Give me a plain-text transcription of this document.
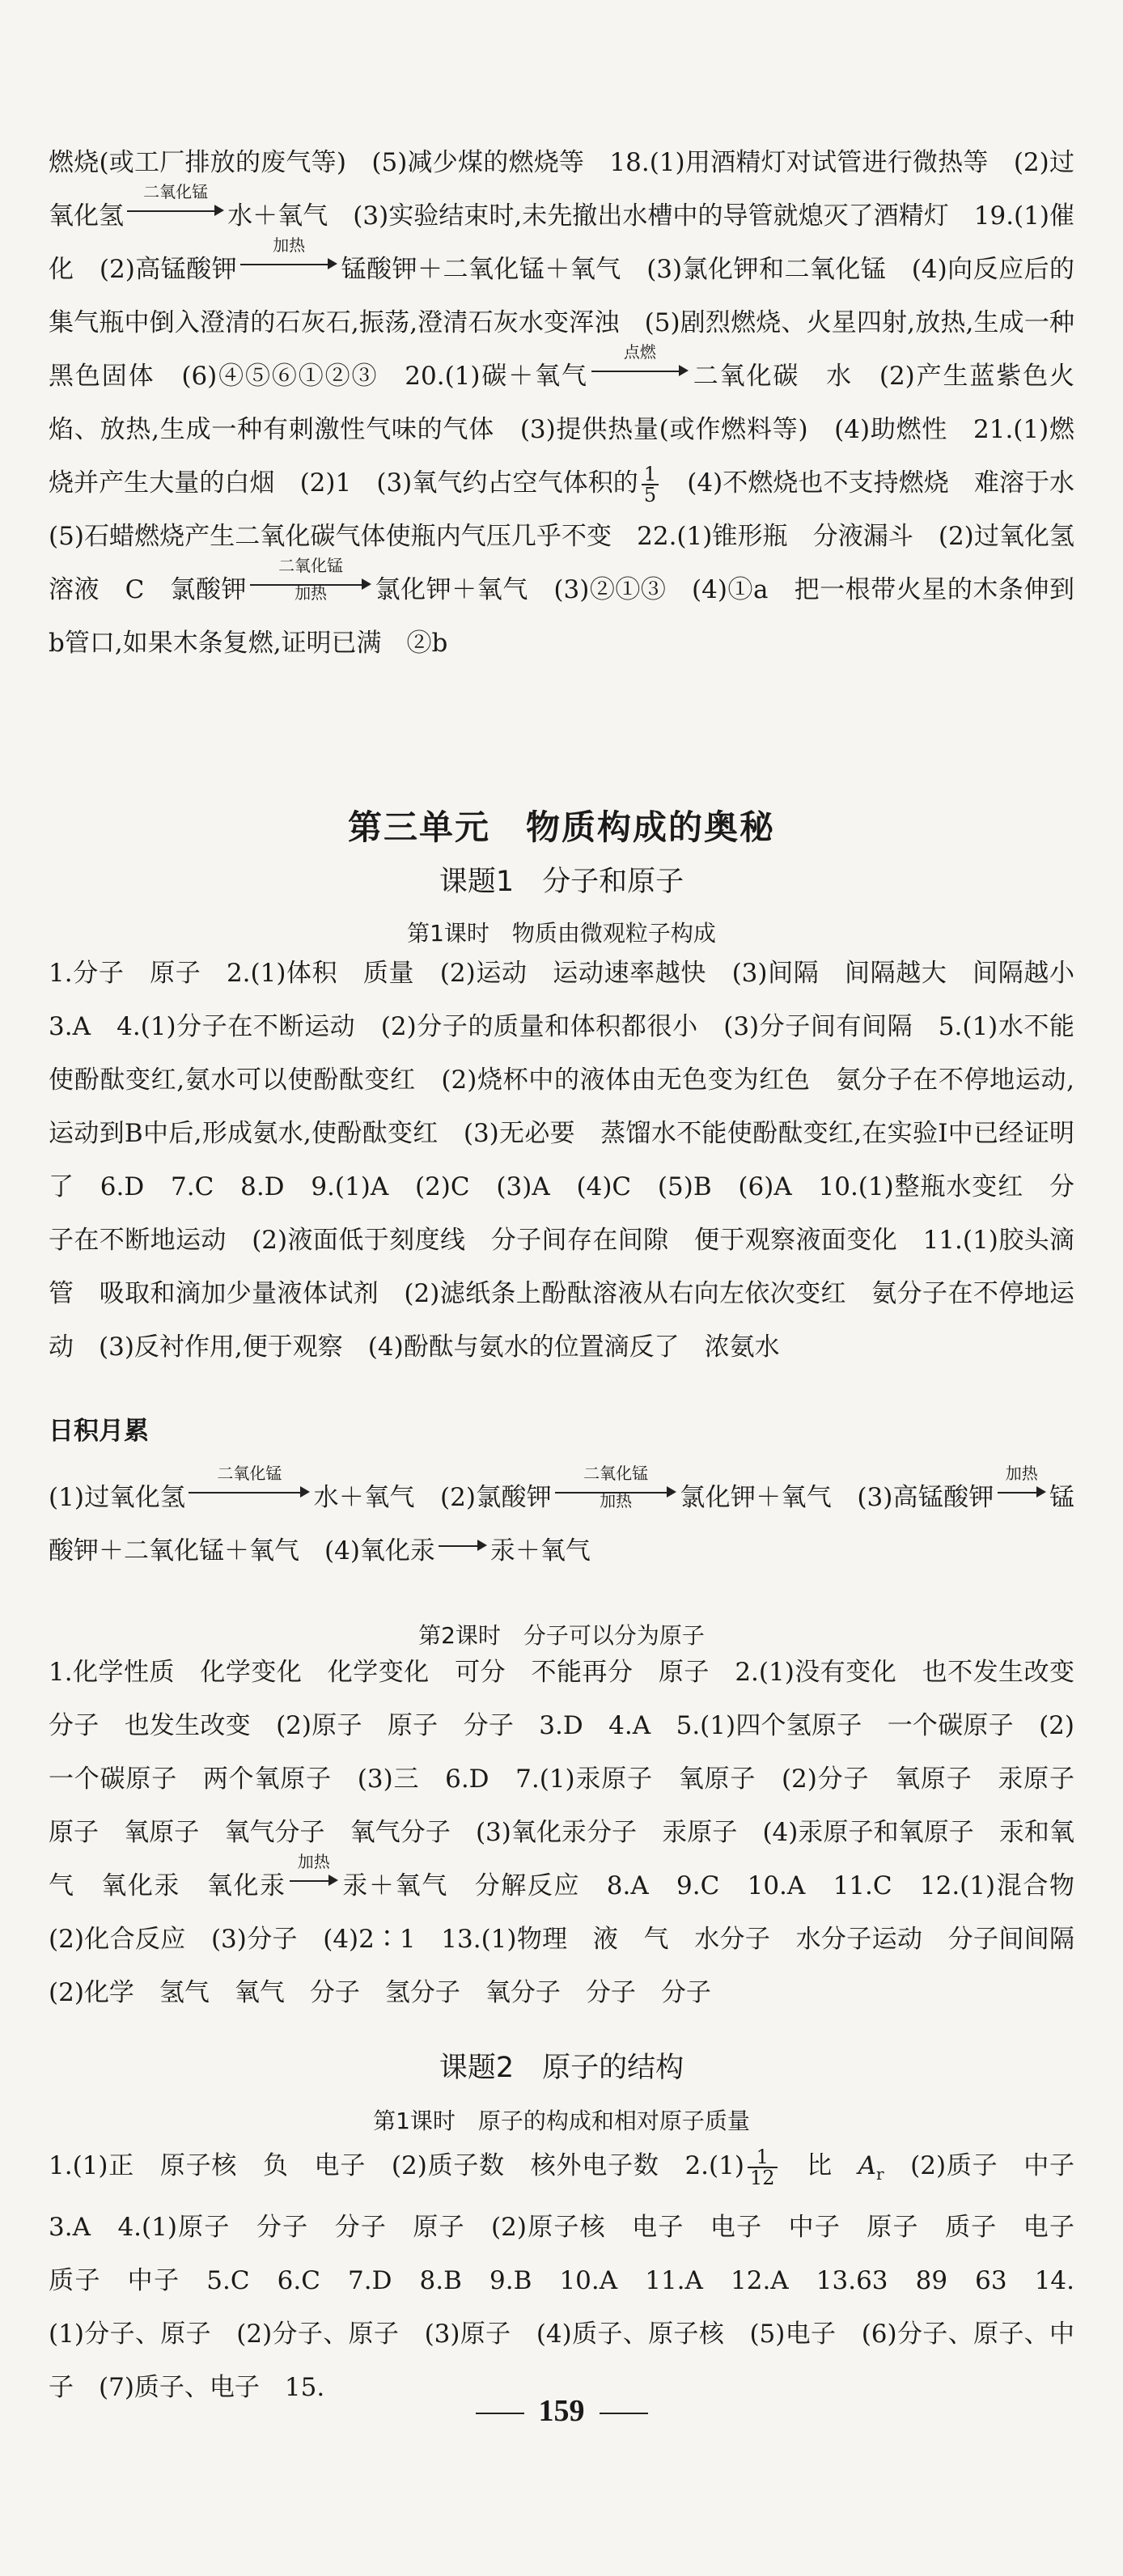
燃烧(或工厂排放的废气等)　(5)减少煤的燃烧等　18.(1)用酒精灯对试管进行微热等　(2)过氧化氢
二氧化锰
水＋氧气　(3)实验结束时,未先撤出水槽中的导管就熄灭了酒精灯　19.(1)催化　(2)高锰酸钾
加热
锰酸钾＋二氧化锰＋氧气　(3)氯化钾和二氧化锰　(4)向反应后的集气瓶中倒入澄清的石灰石,振荡,澄清石灰水变浑浊　(5)剧烈燃烧、火星四射,放热,生成一种黑色固体　(6)④⑤⑥①②③　20.(1)碳＋氧气
点燃
二氧化碳　水　(2)产生蓝紫色火焰、放热,生成一种有刺激性气味的气体　(3)提供热量(或作燃料等)　(4)助燃性　21.(1)燃烧并产生大量的白烟　(2)1　(3)氧气约占空气体积的 $\frac{1}{5}$ 　(4)不燃烧也不支持燃烧　难溶于水　(5)石蜡燃烧产生二氧化碳气体使瓶内气压几乎不变　22.(1)锥形瓶　分液漏斗　(2)过氧化氢溶液　C　氯酸钾
二氧化锰
加热	氯化钾＋氧气　(3)②①③　(4)①a　把一根带火星的木条伸到b管口,如果木条复燃,证明已满　②b
第三单元　物质构成的奥秘
课题1　分子和原子
第1课时　物质由微观粒子构成
1.分子　原子　2.(1)体积　质量　(2)运动　运动速率越快　(3)间隔　间隔越大　间隔越小　3.A　4.(1)分子在不断运动　(2)分子的质量和体积都很小　(3)分子间有间隔　5.(1)水不能使酚酞变红,氨水可以使酚酞变红　(2)烧杯中的液体由无色变为红色　氨分子在不停地运动,运动到B中后,形成氨水,使酚酞变红　(3)无必要　蒸馏水不能使酚酞变红,在实验Ⅰ中已经证明了　6.D　7.C　8.D　9.(1)A　(2)C　(3)A　(4)C　(5)B　(6)A　10.(1)整瓶水变红　分子在不断地运动　(2)液面低于刻度线　分子间存在间隙　便于观察液面变化　11.(1)胶头滴管　吸取和滴加少量液体试剂　(2)滤纸条上酚酞溶液从右向左依次变红　氨分子在不停地运动　(3)反衬作用,便于观察　(4)酚酞与氨水的位置滴反了　浓氨水
日积月累
(1)过氧化氢
二氧化锰
水＋氧气　(2)氯酸钾
二氧化锰
加热	氯化钾＋氧气　(3)高锰酸钾
加热
锰酸钾＋二氧化锰＋氧气　(4)氧化汞 汞＋氧气
第2课时　分子可以分为原子
1.化学性质　化学变化　化学变化　可分　不能再分　原子　2.(1)没有变化　也不发生改变　分子　也发生改变　(2)原子　原子　分子　3.D　4.A　5.(1)四个氢原子　一个碳原子　(2)一个碳原子　两个氧原子　(3)三　6.D　7.(1)汞原子　氧原子　(2)分子　氧原子　汞原子　原子　氧原子　氧气分子　氧气分子　(3)氧化汞分子　汞原子　(4)汞原子和氧原子　汞和氧气　氧化汞　氧化汞
加热
汞＋氧气　分解反应　8.A　9.C　10.A　11.C　12.(1)混合物　(2)化合反应　(3)分子　(4)2∶1　13.(1)物理　液　气　水分子　水分子运动　分子间间隔　(2)化学　氢气　氧气　分子　氢分子　氧分子　分子　分子
课题2　原子的结构
第1课时　原子的构成和相对原子质量
1.(1)正　原子核　负　电子　(2)质子数　核外电子数　$2.(1) \frac{1}{12}$ 　比　$A_r$　(2)质子　中子　3.A　4.(1)原子　分子　分子　原子　(2)原子核　电子　电子　中子　原子　质子　电子　质子　中子　5.C　6.C　7.D　8.B　9.B　10.A　11.A　12.A　13.63　89　63　14.(1)分子、原子　(2)分子、原子　(3)原子　(4)质子、原子核　(5)电子　(6)分子、原子、中子　(7)质子、电子　15.
159
